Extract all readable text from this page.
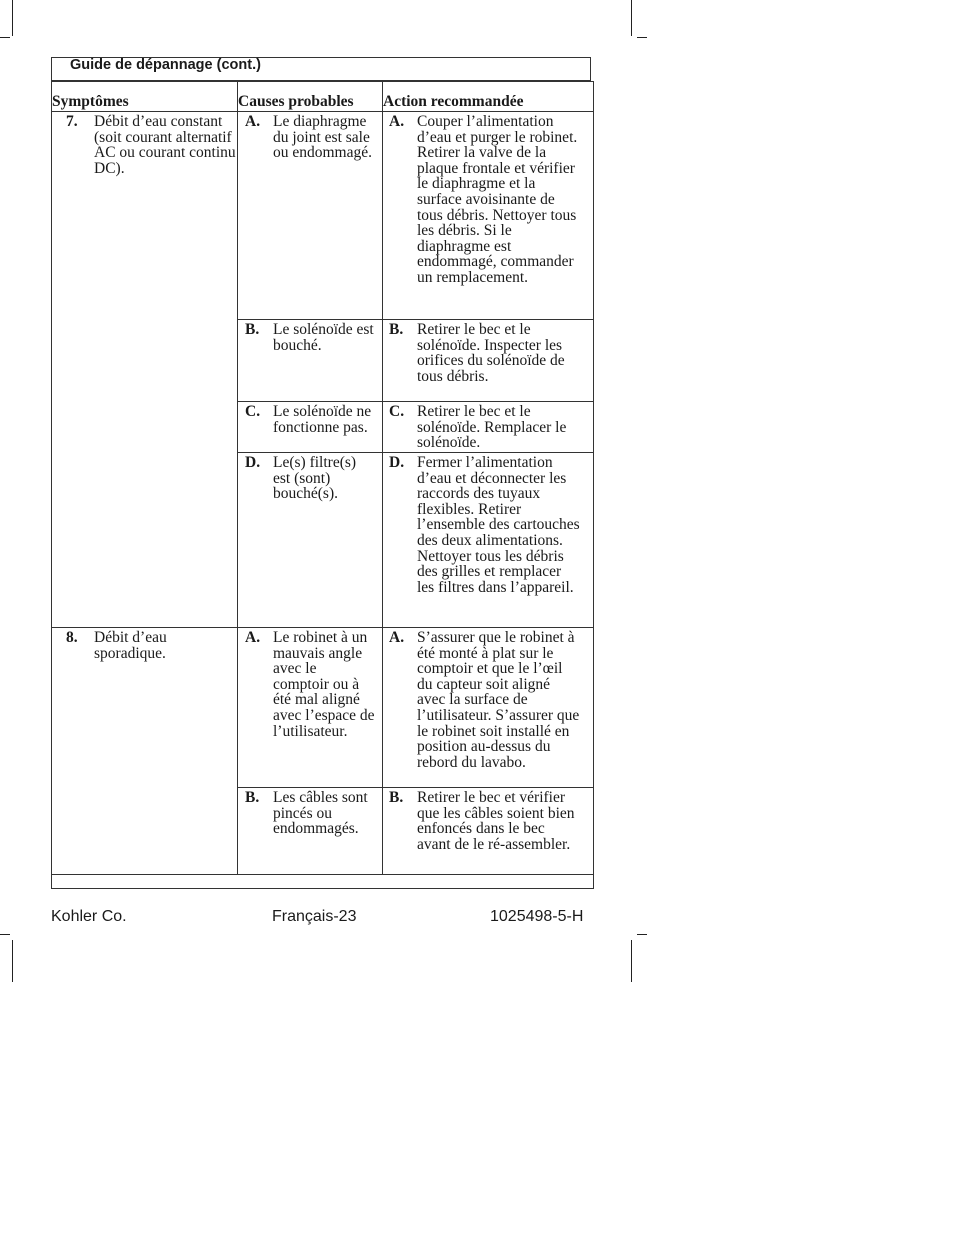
Guide de dépannage (cont.)
Symptômes	Causes probables	Action recommandée

7. Débit d’eau constant (soit courant alternatif AC ou courant continu DC).	A. Le diaphragme du joint est sale ou endommagé.	A. Couper l’alimentation d’eau et purger le robinet. Retirer la valve de la plaque frontale et vérifier le diaphragme et la surface avoisinante de tous débris. Nettoyer tous les débris. Si le diaphragme est endommagé, commander un remplacement.

	B. Le solénoïde est bouché.	B. Retirer le bec et le solénoïde. Inspecter les orifices du solénoïde de tous débris.

	C. Le solénoïde ne fonctionne pas.	C. Retirer le bec et le solénoïde. Remplacer le solénoïde.

	D. Le(s) filtre(s) est (sont) bouché(s).	D. Fermer l’alimentation d’eau et déconnecter les raccords des tuyaux flexibles. Retirer l’ensemble des cartouches des deux alimentations. Nettoyer tous les débris des grilles et remplacer les filtres dans l’appareil.

8. Débit d’eau sporadique.	A. Le robinet à un mauvais angle avec le comptoir ou à été mal aligné avec l’espace de l’utilisateur.	A. S’assurer que le robinet à été monté à plat sur le comptoir et que le l’œil du capteur soit aligné avec la surface de l’utilisateur. S’assurer que le robinet soit installé en position au-dessus du rebord du lavabo.

	B. Les câbles sont pincés ou endommagés.	B. Retirer le bec et vérifier que les câbles soient bien enfoncés dans le bec avant de le ré-assembler.

Kohler Co.	Français-23	1025498-5-H
